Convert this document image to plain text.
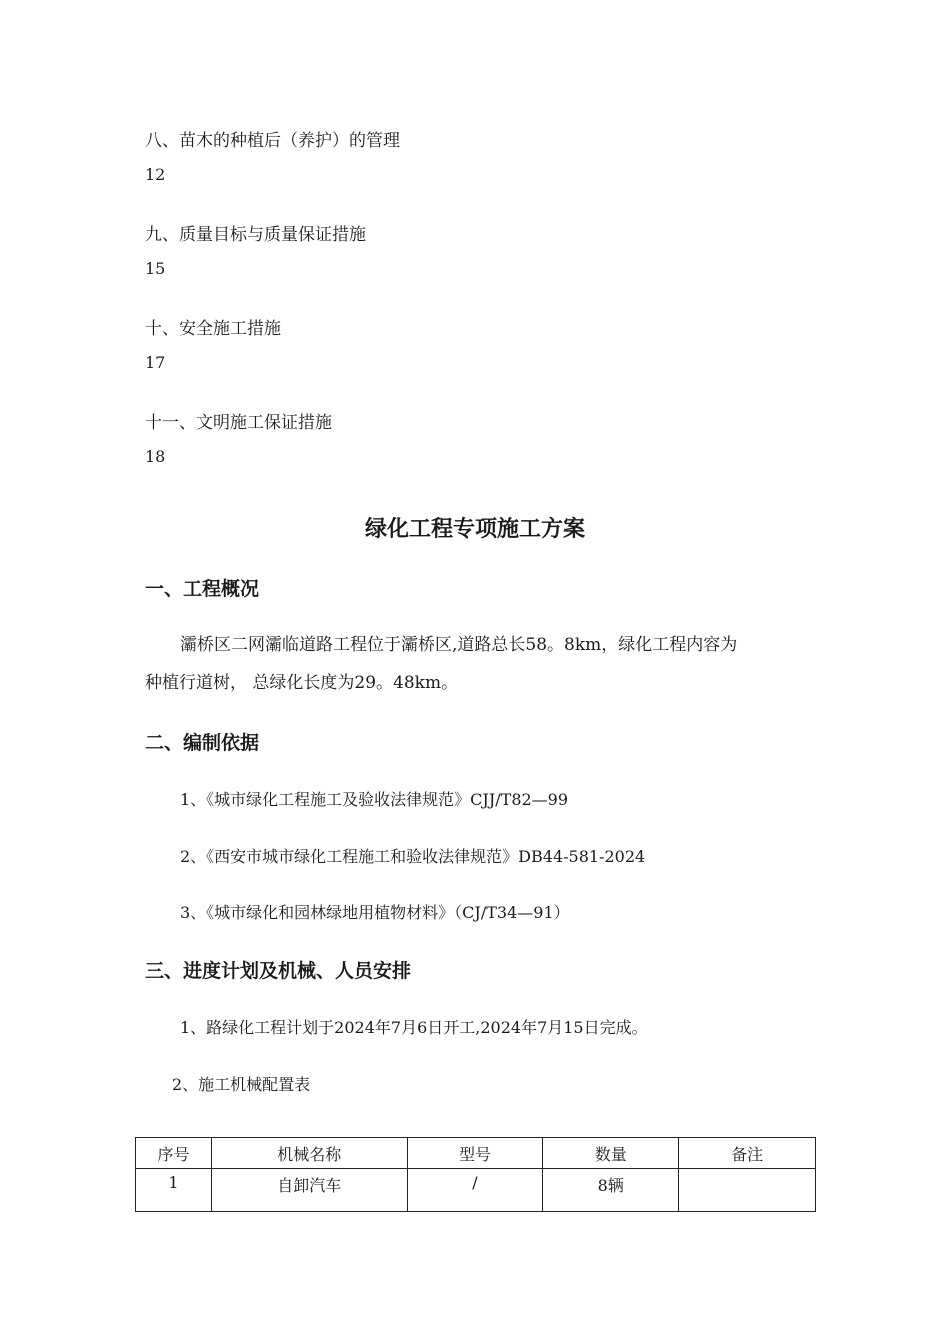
八、苗木的种植后（养护）的管理
12
九、质量目标与质量保证措施
15
十、安全施工措施
17
十一、文明施工保证措施
18
绿化工程专项施工方案
一、工程概况
灞桥区二网灞临道路工程位于灞桥区,道路总长58。8km，绿化工程内容为
种植行道树， 总绿化长度为29。48km。
二、编制依据
1、《城市绿化工程施工及验收法律规范》CJJ/T82—99
2、《西安市城市绿化工程施工和验收法律规范》DB44-581-2024
3、《城市绿化和园林绿地用植物材料》（CJ/T34—91）
三、进度计划及机械、人员安排
1、路绿化工程计划于2024年7月6日开工,2024年7月15日完成。
2、施工机械配置表
序号	机械名称	型号	数量	备注
1	自卸汽车	/	8辆	
